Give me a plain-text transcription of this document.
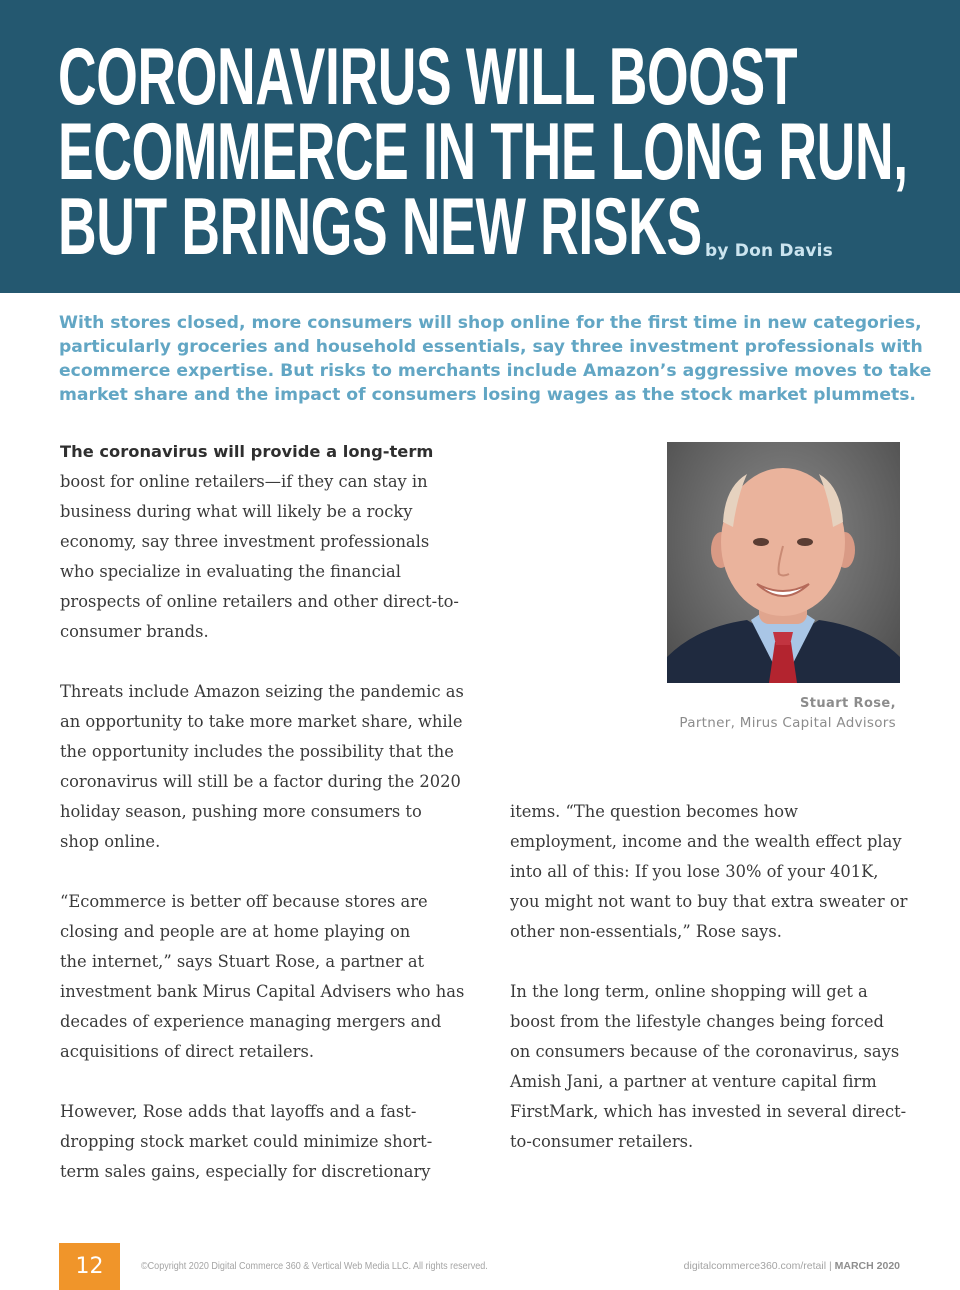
CORONAVIRUS WILL BOOST
ECOMMERCE IN THE LONG RUN,
BUT BRINGS NEW RISKS by Don Davis

With stores closed, more consumers will shop online for the first time in new categories,
particularly groceries and household essentials, say three investment professionals with
ecommerce expertise. But risks to merchants include Amazon’s aggressive moves to take
market share and the impact of consumers losing wages as the stock market plummets.

The coronavirus will provide a long-term
boost for online retailers—if they can stay in
business during what will likely be a rocky
economy, say three investment professionals
who specialize in evaluating the financial
prospects of online retailers and other direct-to-
consumer brands.
Threats include Amazon seizing the pandemic as
an opportunity to take more market share, while
the opportunity includes the possibility that the
coronavirus will still be a factor during the 2020
holiday season, pushing more consumers to
shop online.
“Ecommerce is better off because stores are
closing and people are at home playing on
the internet,” says Stuart Rose, a partner at
investment bank Mirus Capital Advisers who has
decades of experience managing mergers and
acquisitions of direct retailers.
However, Rose adds that layoffs and a fast-
dropping stock market could minimize short-
term sales gains, especially for discretionary
Stuart Rose,
Partner, Mirus Capital Advisors
items. “The question becomes how
employment, income and the wealth effect play
into all of this: If you lose 30% of your 401K,
you might not want to buy that extra sweater or
other non-essentials,” Rose says.
In the long term, online shopping will get a
boost from the lifestyle changes being forced
on consumers because of the coronavirus, says
Amish Jani, a partner at venture capital firm
FirstMark, which has invested in several direct-
to-consumer retailers.
12	©Copyright 2020 Digital Commerce 360 & Vertical Web Media LLC. All rights reserved.	digitalcommerce360.com/retail | MARCH 2020
